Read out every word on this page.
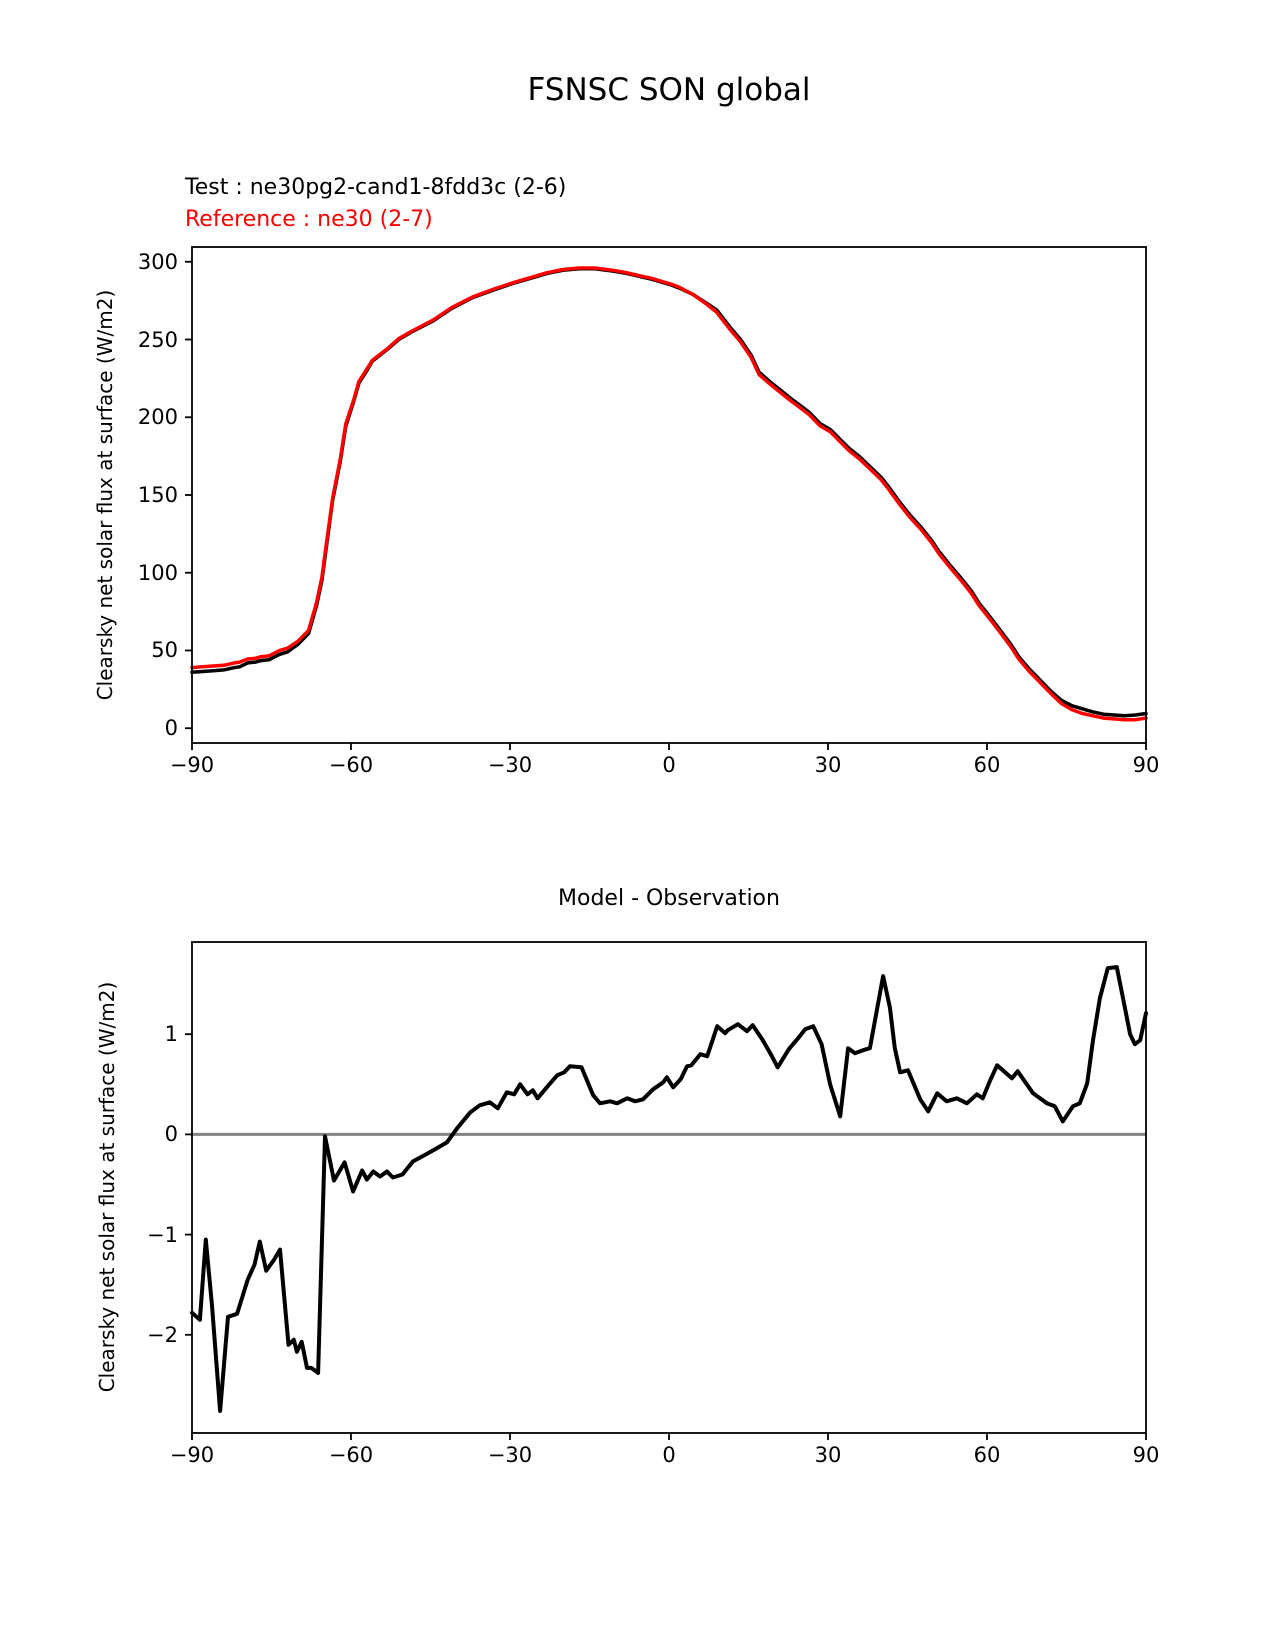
FSNSC SON global
Test : ne30pg2-cand1-8fdd3c (2-6)
Reference : ne30 (2-7)
Clearsky net solar flux at surface (W/m2)
Model - Observation
Clearsky net solar flux at surface (W/m2)
−90	−60	−30	0	30	60	90
0
50
100
150
200
250
300
−90	−60	−30	0	30	60	90
−2
−1
0
1
